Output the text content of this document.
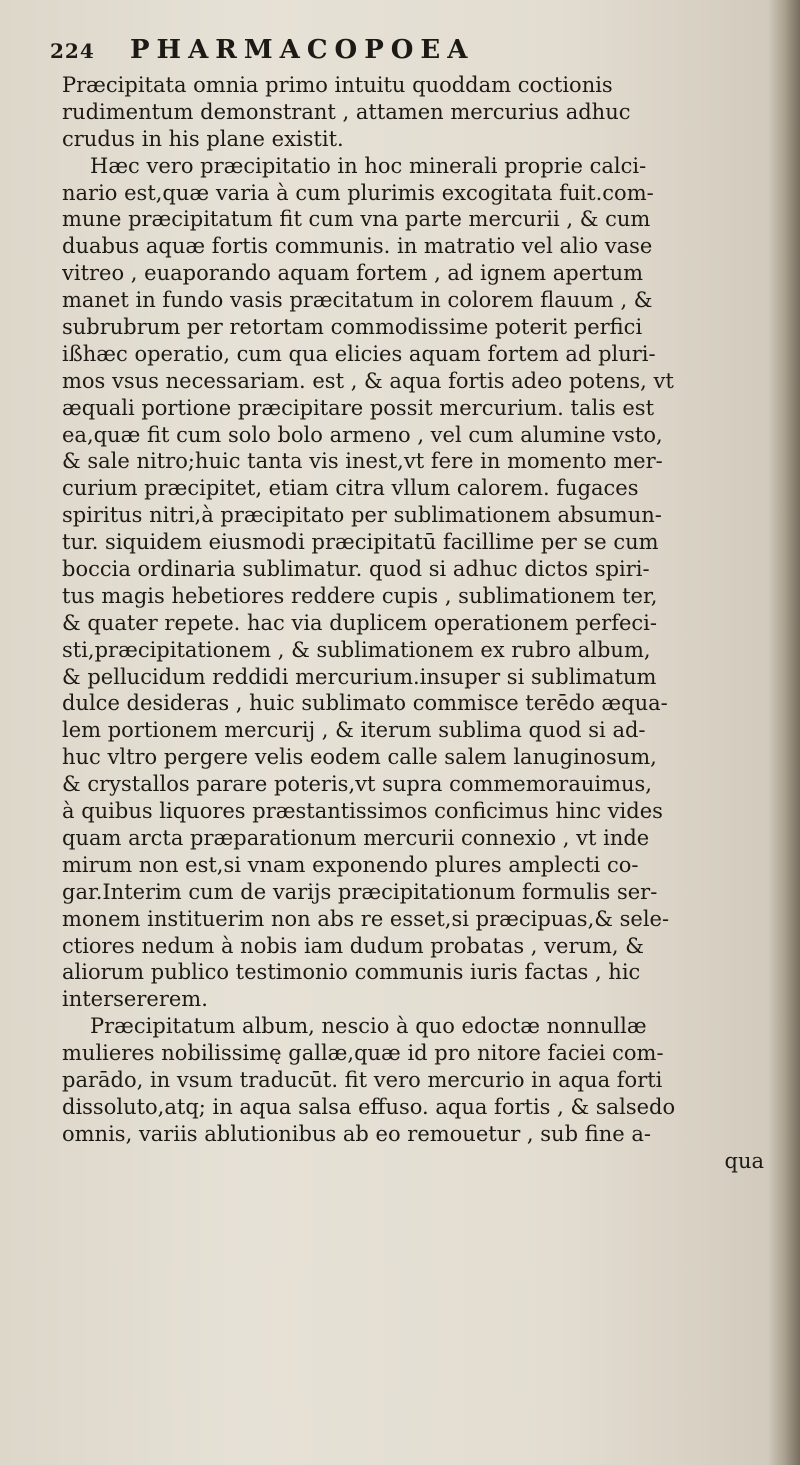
224	PHARMACOPOEA
Præcipitata omnia primo intuitu quoddam coctionis
rudimentum demonstrant , attamen mercurius adhuc
crudus in his plane existit.
Hæc vero præcipitatio in hoc minerali proprie calci-
nario est,quæ varia à cum plurimis excogitata fuit.com-
mune præcipitatum fit cum vna parte mercurii , & cum
duabus aquæ fortis communis. in matratio vel alio vase
vitreo , euaporando aquam fortem , ad ignem apertum
manet in fundo vasis præcitatum in colorem flauum , &
subrubrum per retortam commodissime poterit perfici
ißhæc operatio, cum qua elicies aquam fortem ad pluri-
mos vsus necessariam. est , & aqua fortis adeo potens, vt
æquali portione præcipitare possit mercurium. talis est
ea,quæ fit cum solo bolo armeno , vel cum alumine vsto,
& sale nitro;huic tanta vis inest,vt fere in momento mer-
curium præcipitet, etiam citra vllum calorem. fugaces
spiritus nitri,à præcipitato per sublimationem absumun-
tur. siquidem eiusmodi præcipitatū facillime per se cum
boccia ordinaria sublimatur. quod si adhuc dictos spiri-
tus magis hebetiores reddere cupis , sublimationem ter,
& quater repete. hac via duplicem operationem perfeci-
sti,præcipitationem , & sublimationem ex rubro album,
& pellucidum reddidi mercurium.insuper si sublimatum
dulce desideras , huic sublimato commisce terēdo æqua-
lem portionem mercurij , & iterum sublima quod si ad-
huc vltro pergere velis eodem calle salem lanuginosum,
& crystallos parare poteris,vt supra commemorauimus,
à quibus liquores præstantissimos conficimus hinc vides
quam arcta præparationum mercurii connexio , vt inde
mirum non est,si vnam exponendo plures amplecti co-
gar.Interim cum de varijs præcipitationum formulis ser-
monem instituerim non abs re esset,si præcipuas,& sele-
ctiores nedum à nobis iam dudum probatas , verum, &
aliorum publico testimonio communis iuris factas , hic
intersererem.
Præcipitatum album, nescio à quo edoctæ nonnullæ
mulieres nobilissimę gallæ,quæ id pro nitore faciei com-
parādo, in vsum traducūt. fit vero mercurio in aqua forti
dissoluto,atq; in aqua salsa effuso. aqua fortis , & salsedo
omnis, variis ablutionibus ab eo remouetur , sub fine a-
qua
